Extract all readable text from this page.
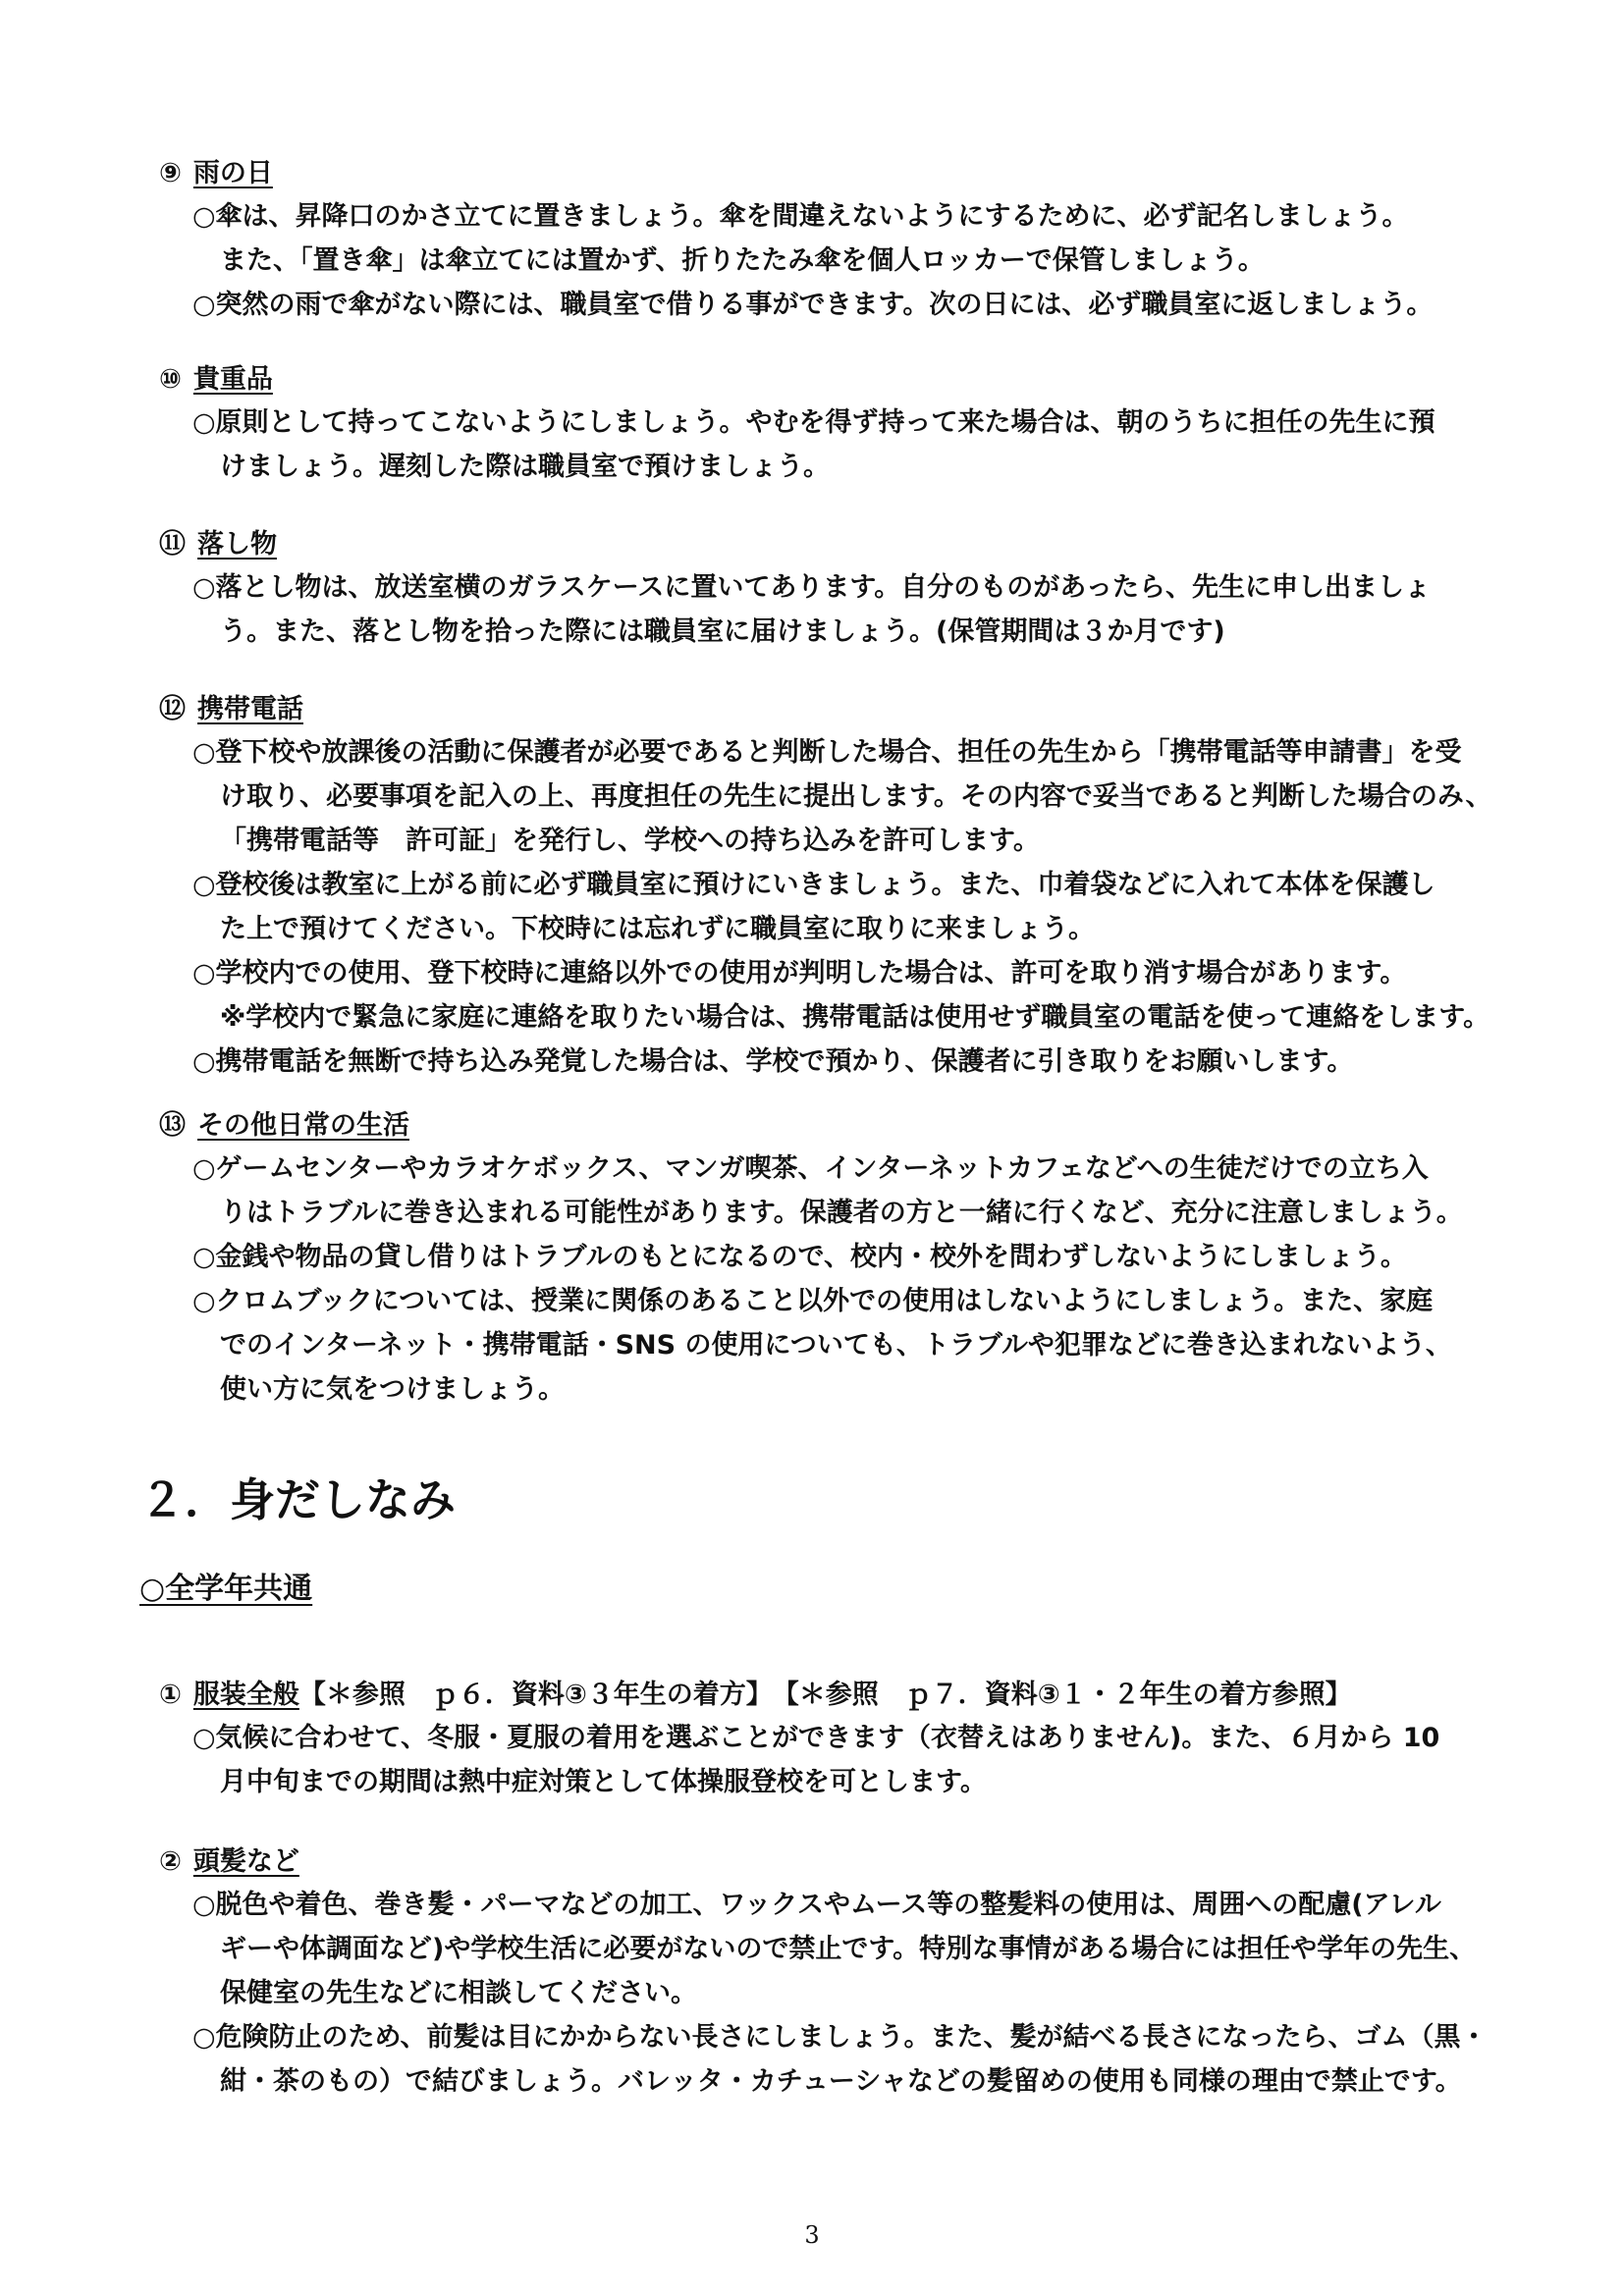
⑨ 雨の日
○傘は、昇降口のかさ立てに置きましょう。傘を間違えないようにするために、必ず記名しましょう。
また、「置き傘」は傘立てには置かず、折りたたみ傘を個人ロッカーで保管しましょう。
○突然の雨で傘がない際には、職員室で借りる事ができます。次の日には、必ず職員室に返しましょう。
⑩ 貴重品
○原則として持ってこないようにしましょう。やむを得ず持って来た場合は、朝のうちに担任の先生に預
けましょう。遅刻した際は職員室で預けましょう。
⑪ 落し物
○落とし物は、放送室横のガラスケースに置いてあります。自分のものがあったら、先生に申し出ましょ
う。また、落とし物を拾った際には職員室に届けましょう。(保管期間は３か月です)
⑫ 携帯電話
○登下校や放課後の活動に保護者が必要であると判断した場合、担任の先生から「携帯電話等申請書」を受
け取り、必要事項を記入の上、再度担任の先生に提出します。その内容で妥当であると判断した場合のみ、
「携帯電話等　許可証」を発行し、学校への持ち込みを許可します。
○登校後は教室に上がる前に必ず職員室に預けにいきましょう。また、巾着袋などに入れて本体を保護し
た上で預けてください。下校時には忘れずに職員室に取りに来ましょう。
○学校内での使用、登下校時に連絡以外での使用が判明した場合は、許可を取り消す場合があります。
※学校内で緊急に家庭に連絡を取りたい場合は、携帯電話は使用せず職員室の電話を使って連絡をします。
○携帯電話を無断で持ち込み発覚した場合は、学校で預かり、保護者に引き取りをお願いします。
⑬ その他日常の生活
○ゲームセンターやカラオケボックス、マンガ喫茶、インターネットカフェなどへの生徒だけでの立ち入
りはトラブルに巻き込まれる可能性があります。保護者の方と一緒に行くなど、充分に注意しましょう。
○金銭や物品の貸し借りはトラブルのもとになるので、校内・校外を問わずしないようにしましょう。
○クロムブックについては、授業に関係のあること以外での使用はしないようにしましょう。また、家庭
でのインターネット・携帯電話・SNS の使用についても、トラブルや犯罪などに巻き込まれないよう、
使い方に気をつけましょう。
２．身だしなみ
○全学年共通
① 服装全般【＊参照　ｐ６．資料③３年生の着方】　【＊参照　ｐ７．資料③１・２年生の着方参照】
○気候に合わせて、冬服・夏服の着用を選ぶことができます（衣替えはありません)。また、６月から 10
月中旬までの期間は熱中症対策として体操服登校を可とします。
② 頭髪など
○脱色や着色、巻き髪・パーマなどの加工、ワックスやムース等の整髪料の使用は、周囲への配慮(アレル
ギーや体調面など)や学校生活に必要がないので禁止です。特別な事情がある場合には担任や学年の先生、
保健室の先生などに相談してください。
○危険防止のため、前髪は目にかからない長さにしましょう。また、髪が結べる長さになったら、ゴム（黒・
紺・茶のもの）で結びましょう。バレッタ・カチューシャなどの髪留めの使用も同様の理由で禁止です。
3
